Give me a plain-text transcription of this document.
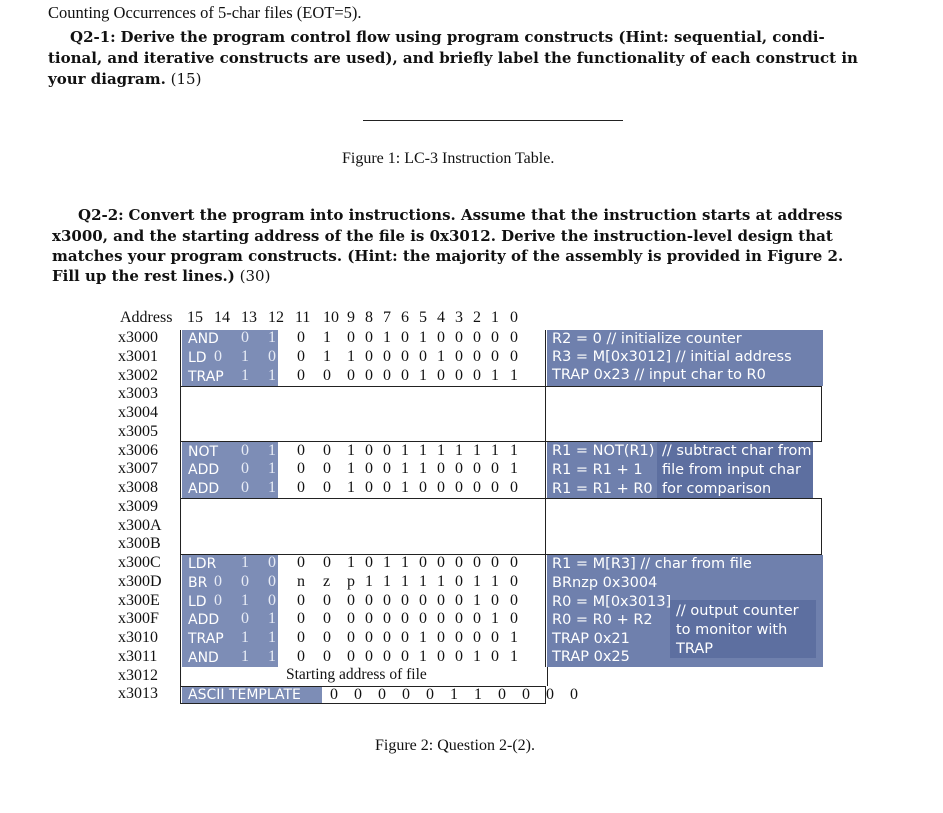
Counting Occurrences of 5-char files (EOT=5).
Q2-1: Derive the program control flow using program constructs (Hint: sequential, condi-
tional, and iterative constructs are used), and briefly label the functionality of each construct in
your diagram. (15)
Figure 1: LC-3 Instruction Table.
Q2-2: Convert the program into instructions. Assume that the instruction starts at address
x3000, and the starting address of the file is 0x3012. Derive the instruction-level design that
matches your program constructs. (Hint: the majority of the assembly is provided in Figure 2.
Fill up the rest lines.) (30)
Address 15 14 13 12 11 10 9 8 7 6 5 4 3 2 1 0
x3000 AND 0 1 0 1 0 0 1 0 1 0 0 0 0 0
x3001 LD 0 1 0 0 1 1 0 0 0 0 1 0 0 0 0
x3002 TRAP 1 1 0 0 0 0 0 0 1 0 0 0 1 1
x3003
x3004
x3005
x3006 NOT 0 1 0 0 1 0 0 1 1 1 1 1 1 1
x3007 ADD 0 1 0 0 1 0 0 1 1 0 0 0 0 1
x3008 ADD 0 1 0 0 1 0 0 1 0 0 0 0 0 0
x3009
x300A
x300B
x300C LDR 1 0 0 0 1 0 1 1 0 0 0 0 0 0
x300D BR 0 0 0 n z p 1 1 1 1 1 0 1 1 0
x300E LD 0 1 0 0 0 0 0 0 0 0 0 0 1 0 0
x300F ADD 0 1 0 0 0 0 0 0 0 0 0 0 1 0
x3010 TRAP 1 1 0 0 0 0 0 0 1 0 0 0 0 1
x3011 AND 1 1 0 0 0 0 0 0 1 0 0 1 0 1
x3012
x3013
R2 = 0 // initialize counter
R3 = M[0x3012] // initial address
TRAP 0x23 // input char to R0
R1 = NOT(R1)
R1 = R1 + 1
R1 = R1 + R0
// subtract char from
file from input char
for comparison
R1 = M[R3] // char from file
BRnzp 0x3004
R0 = M[0x3013]
R0 = R0 + R2
TRAP 0x21
TRAP 0x25
// output counter
to monitor with
TRAP
Starting address of file
ASCII TEMPLATE 0 0 0 0 0 1 1 0 0 0 0
Figure 2: Question 2-(2).
